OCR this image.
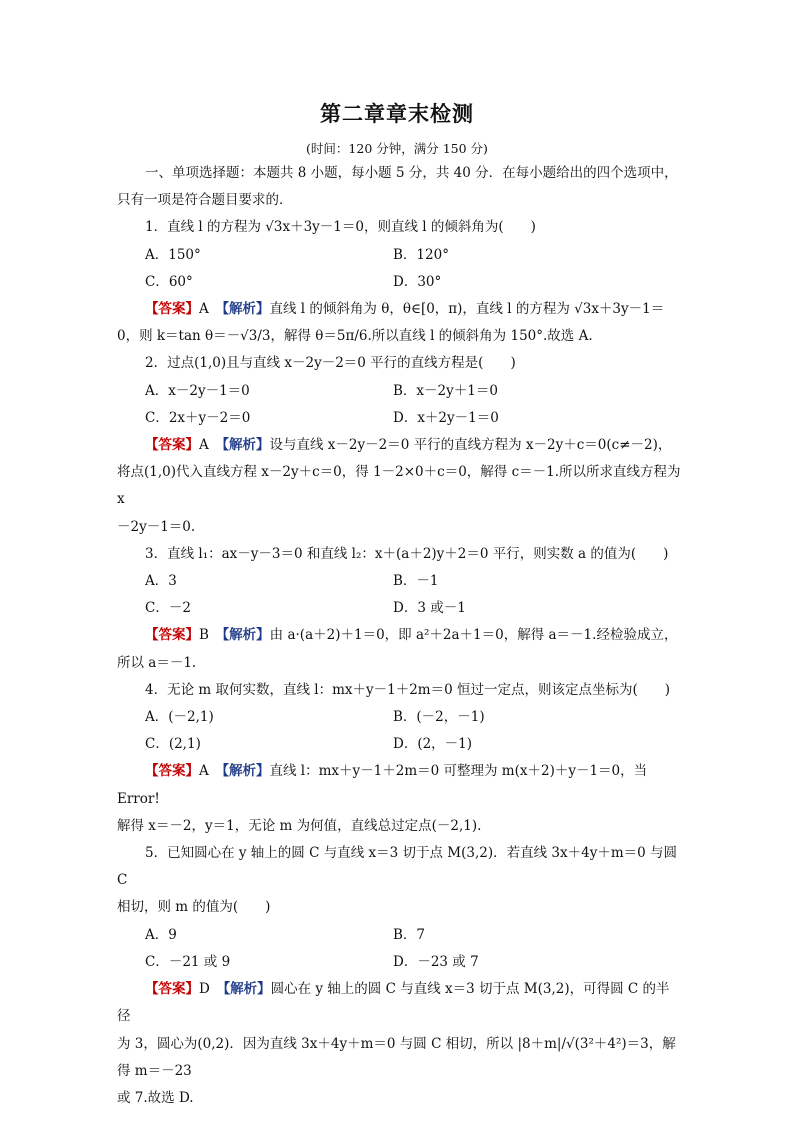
第二章章末检测
(时间：120 分钟，满分 150 分)

一、单项选择题：本题共 8 小题，每小题 5 分，共 40 分．在每小题给出的四个选项中，

只有一项是符合题目要求的．

1．直线 l 的方程为 √3x＋3y－1＝0，则直线 l 的倾斜角为(　　)

A．150°	B．120°
C．60°	D．30°

【答案】A　 【解析】直线 l 的倾斜角为 θ，θ∈[0，π)，直线 l 的方程为 √3x＋3y－1＝

0，则 k＝tan θ＝－√3/3，解得 θ＝5π/6.所以直线 l 的倾斜角为 150°.故选 A.

2．过点(1,0)且与直线 x－2y－2＝0 平行的直线方程是(　　)

A．x－2y－1＝0	B．x－2y＋1＝0
C．2x＋y－2＝0	D．x＋2y－1＝0

【答案】A　 【解析】设与直线 x－2y－2＝0 平行的直线方程为 x－2y＋c＝0(c≠－2)，

将点(1,0)代入直线方程 x－2y＋c＝0，得 1－2×0＋c＝0，解得 c＝－1.所以所求直线方程为 x

－2y－1＝0.

3．直线 l₁：ax－y－3＝0 和直线 l₂：x＋(a＋2)y＋2＝0 平行，则实数 a 的值为(　　)

A．3	B．－1
C．－2	D．3 或－1

【答案】B　 【解析】由 a·(a＋2)＋1＝0，即 a²＋2a＋1＝0，解得 a＝－1.经检验成立，

所以 a＝－1.

4．无论 m 取何实数，直线 l：mx＋y－1＋2m＝0 恒过一定点，则该定点坐标为(　　)

A．(－2,1)	B．(－2，－1)
C．(2,1)	D．(2，－1)

【答案】A　 【解析】直线 l：mx＋y－1＋2m＝0 可整理为 m(x＋2)＋y－1＝0，当 Error!

解得 x＝－2，y＝1，无论 m 为何值，直线总过定点(－2,1).

5．已知圆心在 y 轴上的圆 C 与直线 x＝3 切于点 M(3,2)．若直线 3x＋4y＋m＝0 与圆 C

相切，则 m 的值为(　　)

A．9	B．7
C．－21 或 9	D．－23 或 7

【答案】D　 【解析】圆心在 y 轴上的圆 C 与直线 x＝3 切于点 M(3,2)，可得圆 C 的半径

为 3，圆心为(0,2)．因为直线 3x＋4y＋m＝0 与圆 C 相切，所以 |8＋m|/√(3²＋4²)＝3，解得 m＝－23

或 7.故选 D.
